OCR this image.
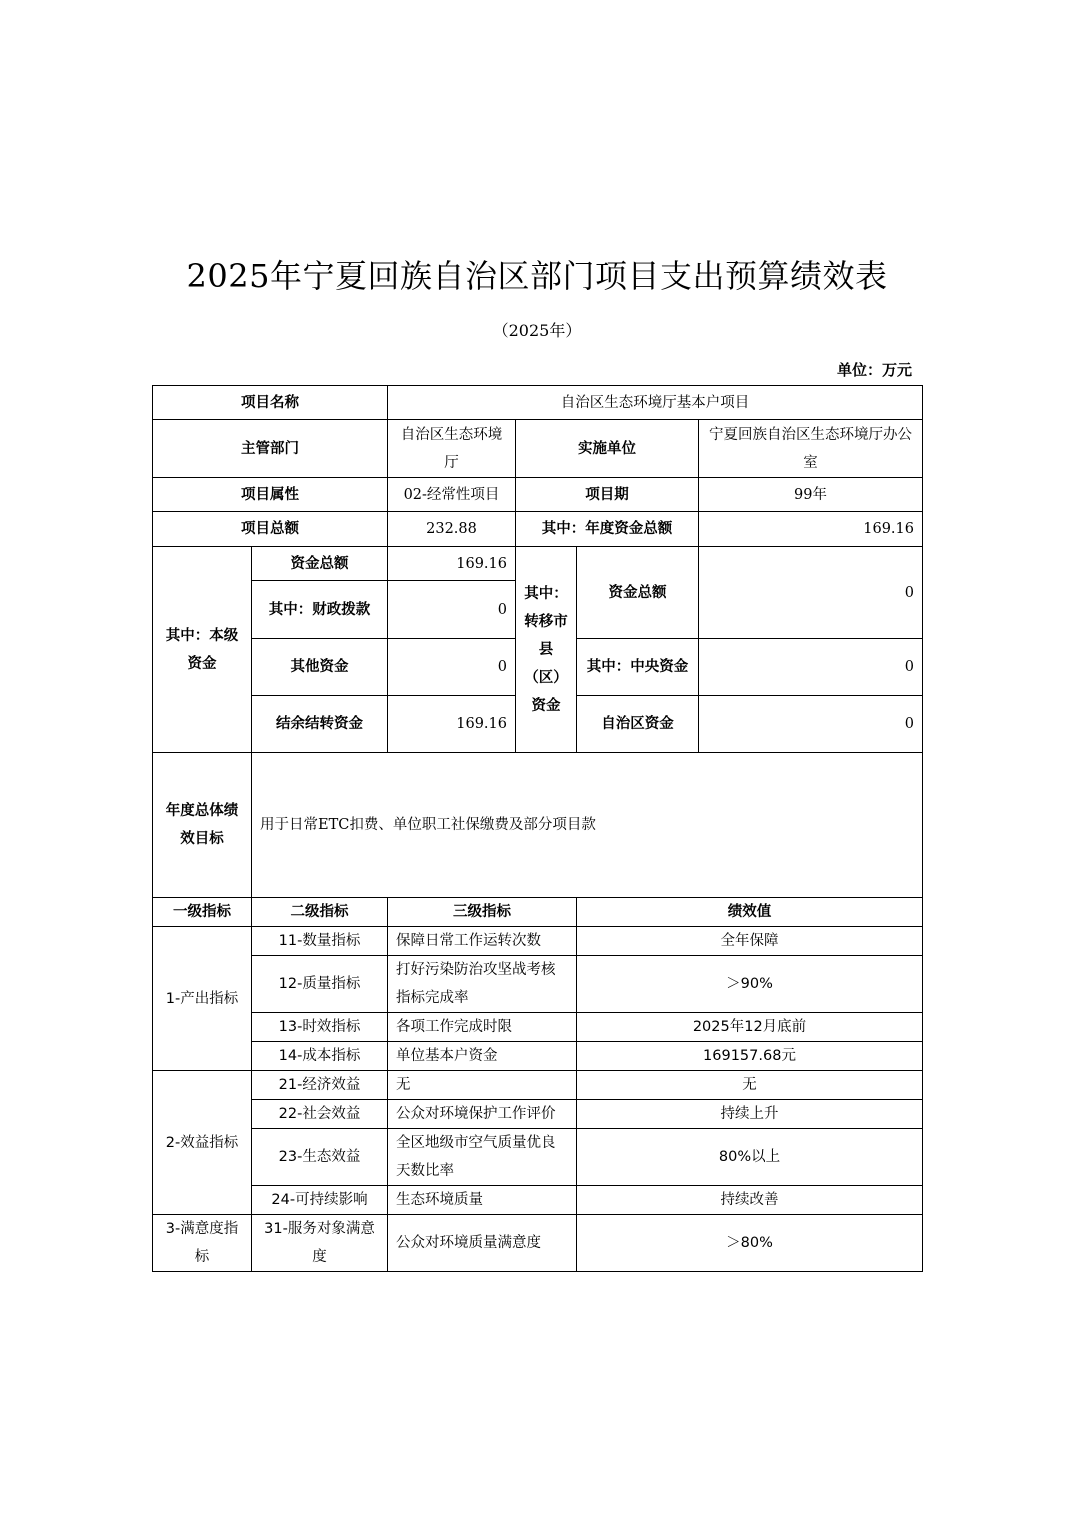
2025年宁夏回族自治区部门项目支出预算绩效表
（2025年）
单位：万元
项目名称		自治区生态环境厅基本户项目			
主管部门		自治区生态环境厅	实施单位		宁夏回族自治区生态环境厅办公室
项目属性		02-经常性项目	项目期		99年
项目总额		232.88	其中：年度资金总额		169.16
其中：本级资金	资金总额	169.16	其中：转移市县（区）资金	资金总额	0
	其中：财政拨款	0			
	其他资金	0		其中：中央资金	0
	结余结转资金	169.16		自治区资金	0
年度总体绩效目标	用于日常ETC扣费、单位职工社保缴费及部分项目款				
一级指标	二级指标	三级指标		绩效值	
1-产出指标	11-数量指标	保障日常工作运转次数		全年保障	
	12-质量指标	打好污染防治攻坚战考核指标完成率		＞90%	
	13-时效指标	各项工作完成时限		2025年12月底前	
	14-成本指标	单位基本户资金		169157.68元	
2-效益指标	21-经济效益	无		无	
	22-社会效益	公众对环境保护工作评价		持续上升	
	23-生态效益	全区地级市空气质量优良天数比率		80%以上	
	24-可持续影响	生态环境质量		持续改善	
3-满意度指标	31-服务对象满意度	公众对环境质量满意度		＞80%	
